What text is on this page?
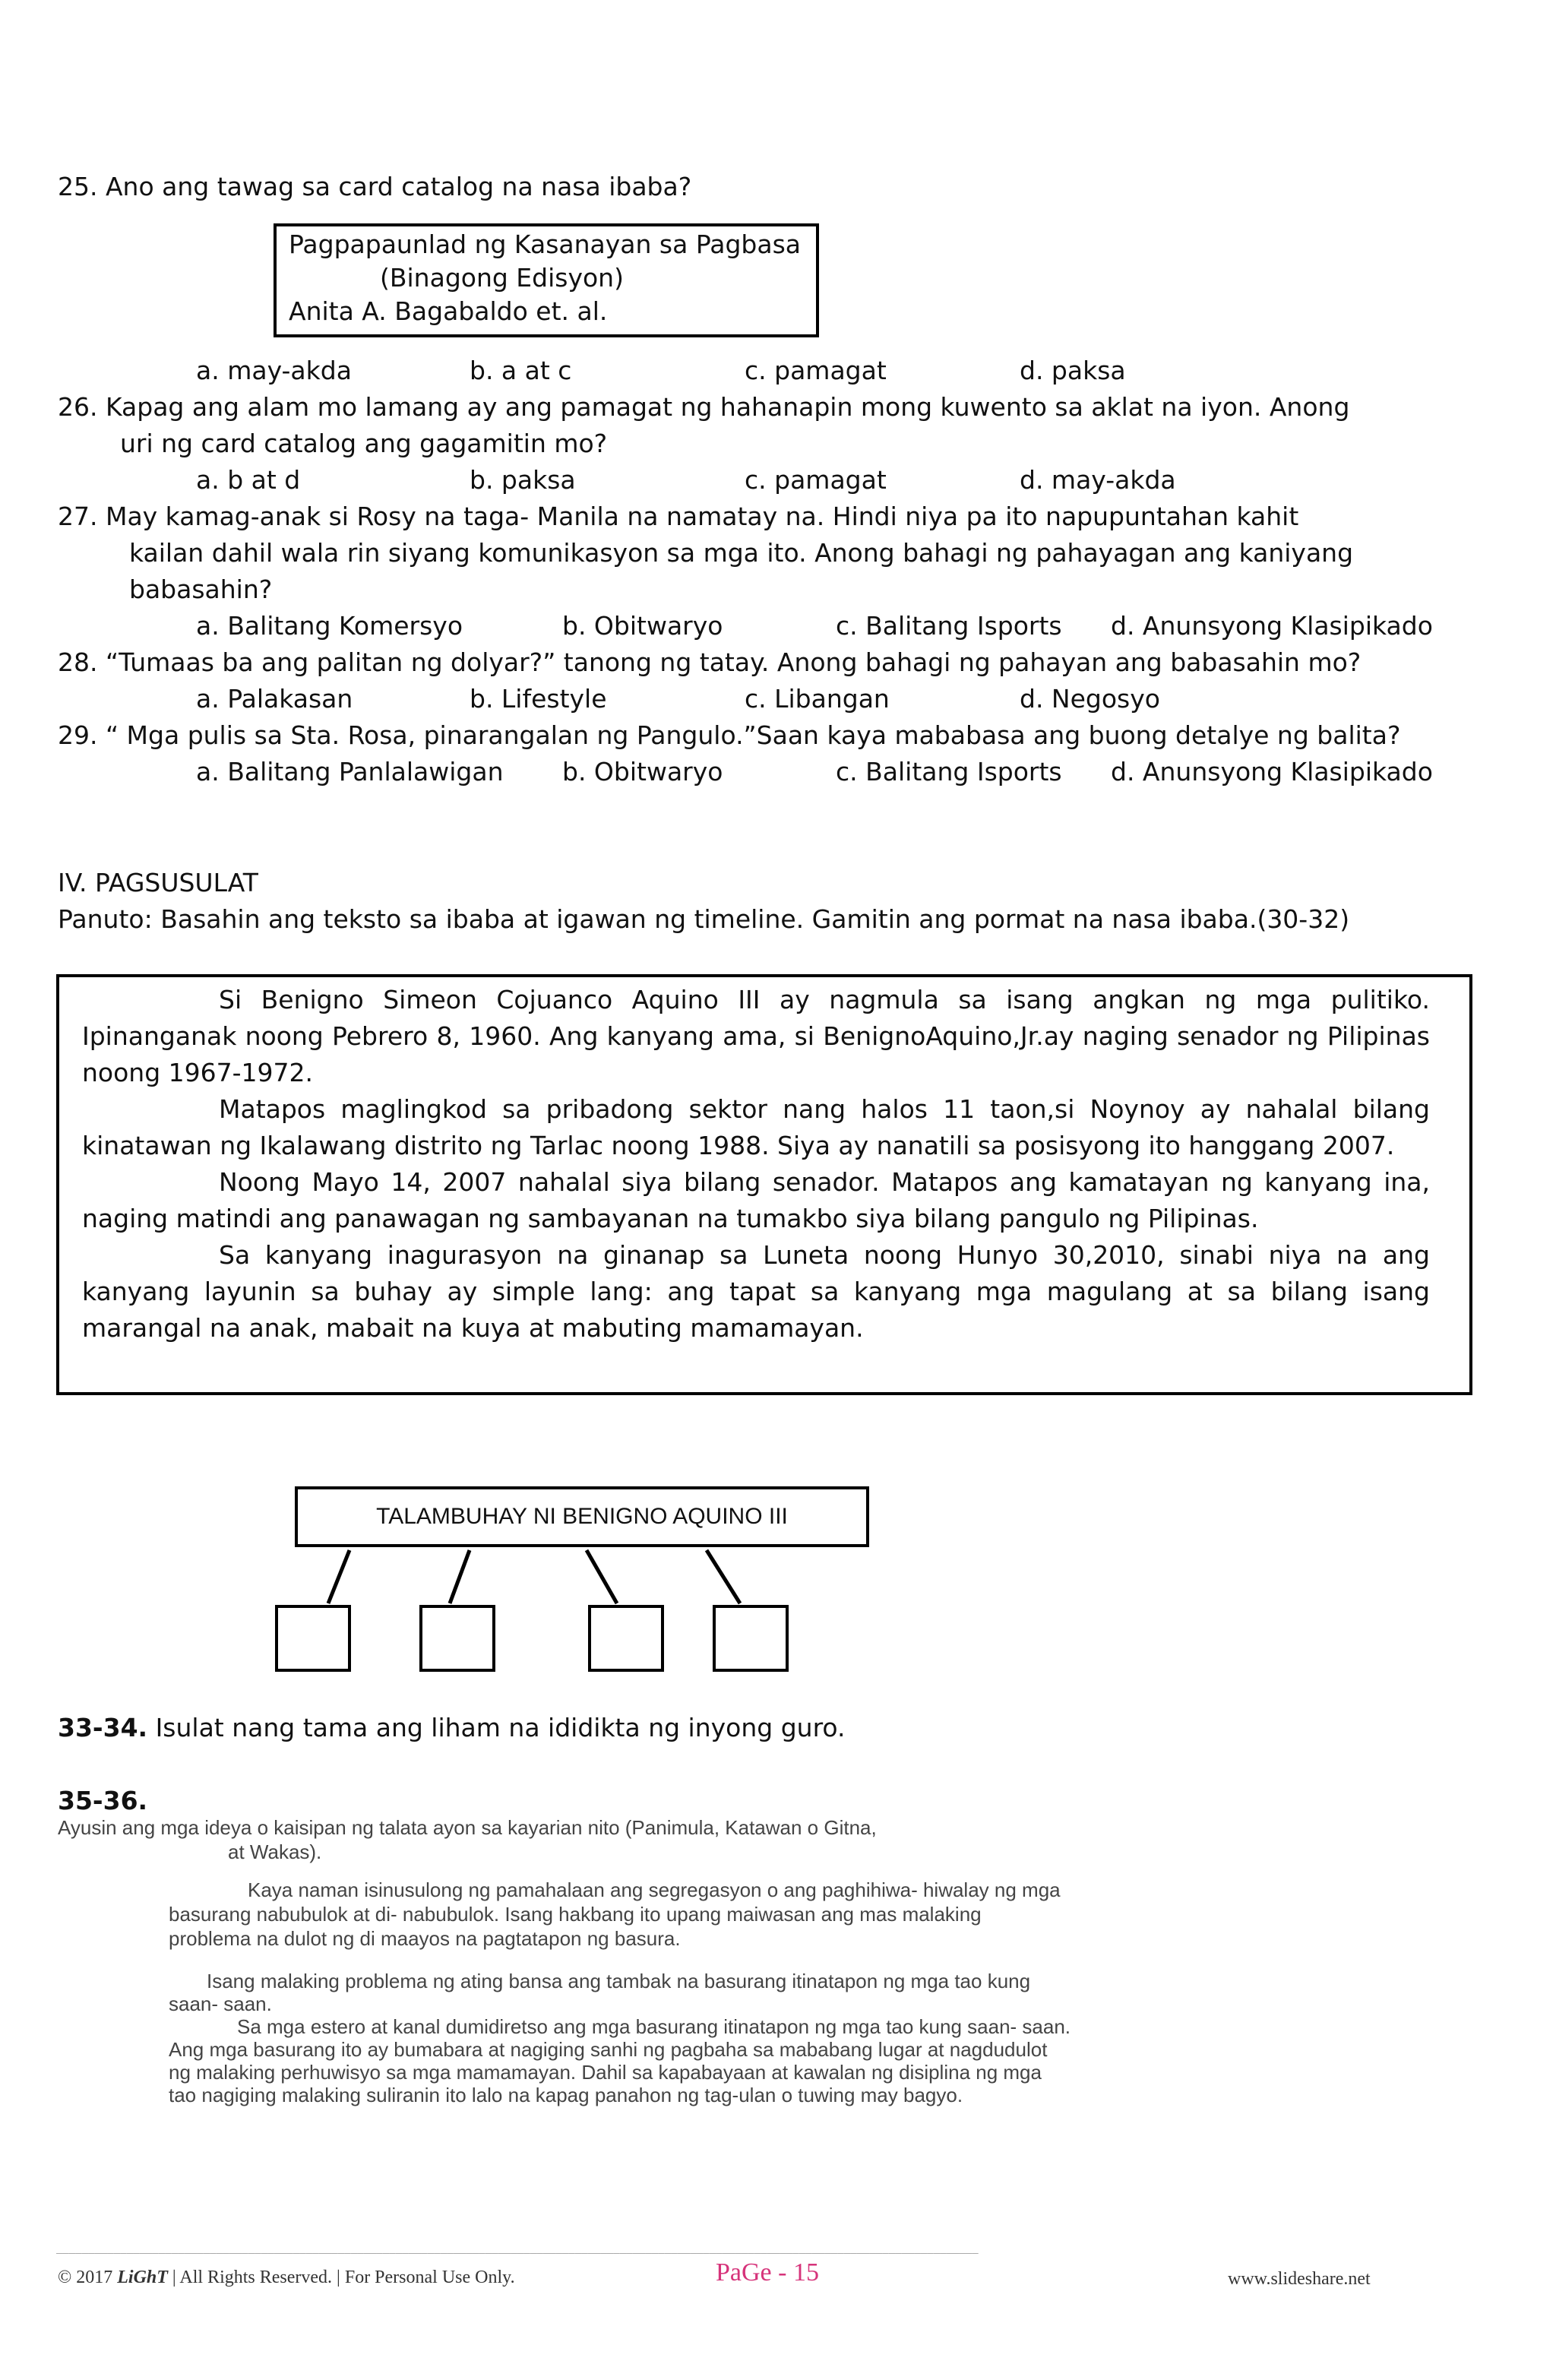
25. Ano ang tawag sa card catalog na nasa ibaba?
Pagpapaunlad ng Kasanayan sa Pagbasa
(Binagong Edisyon)
Anita A. Bagabaldo et. al.
a. may-akda	b. a at c	c. pamagat	d. paksa
26. Kapag ang alam mo lamang ay ang pamagat ng hahanapin mong kuwento sa aklat na iyon. Anong
uri ng card catalog ang gagamitin mo?
a. b at d	b. paksa	c. pamagat	d. may-akda
27. May kamag-anak si Rosy na taga- Manila na namatay na. Hindi niya pa ito napupuntahan kahit
kailan dahil wala rin siyang komunikasyon sa mga ito. Anong bahagi ng pahayagan ang kaniyang
babasahin?
a. Balitang Komersyo	b. Obitwaryo	c. Balitang Isports d. Anunsyong Klasipikado
28. “Tumaas ba ang palitan ng dolyar?” tanong ng tatay. Anong bahagi ng pahayan ang babasahin mo?
a. Palakasan	b. Lifestyle	c. Libangan	d. Negosyo
29. “ Mga pulis sa Sta. Rosa, pinarangalan ng Pangulo.”Saan kaya mababasa ang buong detalye ng balita?
a. Balitang Panlalawigan b. Obitwaryo	c. Balitang Isports d. Anunsyong Klasipikado
IV. PAGSUSULAT
Panuto: Basahin ang teksto sa ibaba at igawan ng timeline. Gamitin ang pormat na nasa ibaba.(30-32)

Si Benigno Simeon Cojuanco Aquino III ay nagmula sa isang angkan ng mga pulitiko. Ipinanganak noong Pebrero 8, 1960. Ang kanyang ama, si BenignoAquino,Jr.ay naging senador ng Pilipinas noong 1967-1972.

Matapos maglingkod sa pribadong sektor nang halos 11 taon,si Noynoy ay nahalal bilang kinatawan ng Ikalawang distrito ng Tarlac noong 1988. Siya ay nanatili sa posisyong ito hanggang 2007.

Noong Mayo 14, 2007 nahalal siya bilang senador. Matapos ang kamatayan ng kanyang ina, naging matindi ang panawagan ng sambayanan na tumakbo siya bilang pangulo ng Pilipinas.

Sa kanyang inagurasyon na ginanap sa Luneta noong Hunyo 30,2010, sinabi niya na ang kanyang layunin sa buhay ay simple lang: ang tapat sa kanyang mga magulang at sa bilang isang marangal na anak, mabait na kuya at mabuting mamamayan.

TALAMBUHAY NI BENIGNO AQUINO III
33-34. Isulat nang tama ang liham na ididikta ng inyong guro.
35-36.
Ayusin ang mga ideya o kaisipan ng talata ayon sa kayarian nito (Panimula, Katawan o Gitna,
at Wakas).
Kaya naman isinusulong ng pamahalaan ang segregasyon o ang paghihiwa- hiwalay ng mga
basurang nabubulok at di- nabubulok. Isang hakbang ito upang maiwasan ang mas malaking
problema na dulot ng di maayos na pagtatapon ng basura.
Isang malaking problema ng ating bansa ang tambak na basurang itinatapon ng mga tao kung
saan- saan.
Sa mga estero at kanal dumidiretso ang mga basurang itinatapon ng mga tao kung saan- saan.
Ang mga basurang ito ay bumabara at nagiging sanhi ng pagbaha sa mababang lugar at nagdudulot
ng malaking perhuwisyo sa mga mamamayan. Dahil sa kapabayaan at kawalan ng disiplina ng mga
tao nagiging malaking suliranin ito lalo na kapag panahon ng tag-ulan o tuwing may bagyo.
________________________________________________________________________________________________________________________________________________
© 2017 LiGhT | All Rights Reserved. | For Personal Use Only.	PaGe - 15	www.slideshare.net
